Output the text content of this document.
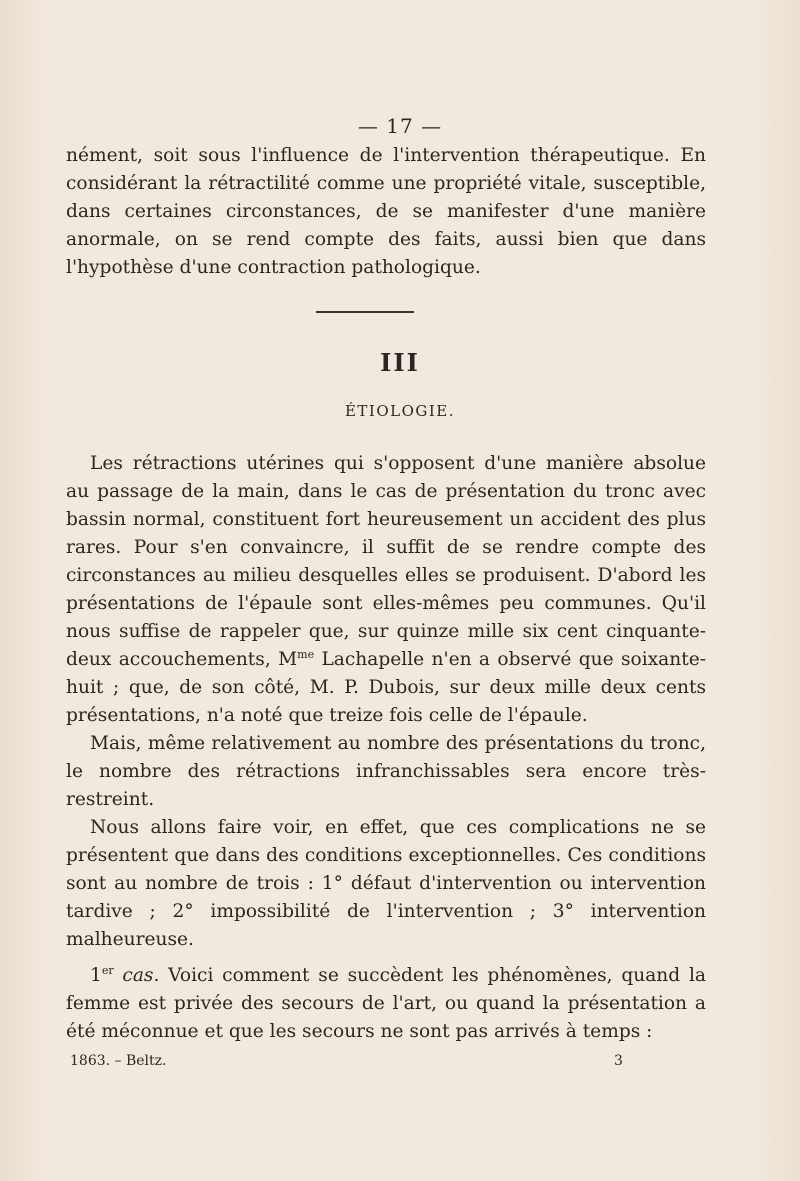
— 17 —

nément, soit sous l'influence de l'intervention thérapeutique. En considérant la rétractilité comme une propriété vitale, susceptible, dans certaines circonstances, de se manifester d'une manière anormale, on se rend compte des faits, aussi bien que dans l'hypothèse d'une contraction pathologique.

III
ÉTIOLOGIE.

Les rétractions utérines qui s'opposent d'une manière absolue au passage de la main, dans le cas de présentation du tronc avec bassin normal, constituent fort heureusement un accident des plus rares. Pour s'en convaincre, il suffit de se rendre compte des circonstances au milieu desquelles elles se produisent. D'abord les présentations de l'épaule sont elles-mêmes peu communes. Qu'il nous suffise de rappeler que, sur quinze mille six cent cinquante-deux accouchements, $M^{me}$ Lachapelle n'en a observé que soixante-huit ; que, de son côté, M. P. Dubois, sur deux mille deux cents présentations, n'a noté que treize fois celle de l'épaule.

Mais, même relativement au nombre des présentations du tronc, le nombre des rétractions infranchissables sera encore très-restreint.

Nous allons faire voir, en effet, que ces complications ne se présentent que dans des conditions exceptionnelles. Ces conditions sont au nombre de trois : 1° défaut d'intervention ou intervention tardive ; 2° impossibilité de l'intervention ; 3° intervention malheureuse.

1er cas. Voici comment se succèdent les phénomènes, quand la femme est privée des secours de l'art, ou quand la présentation a été méconnue et que les secours ne sont pas arrivés à temps :

1863. – Beltz.	3
